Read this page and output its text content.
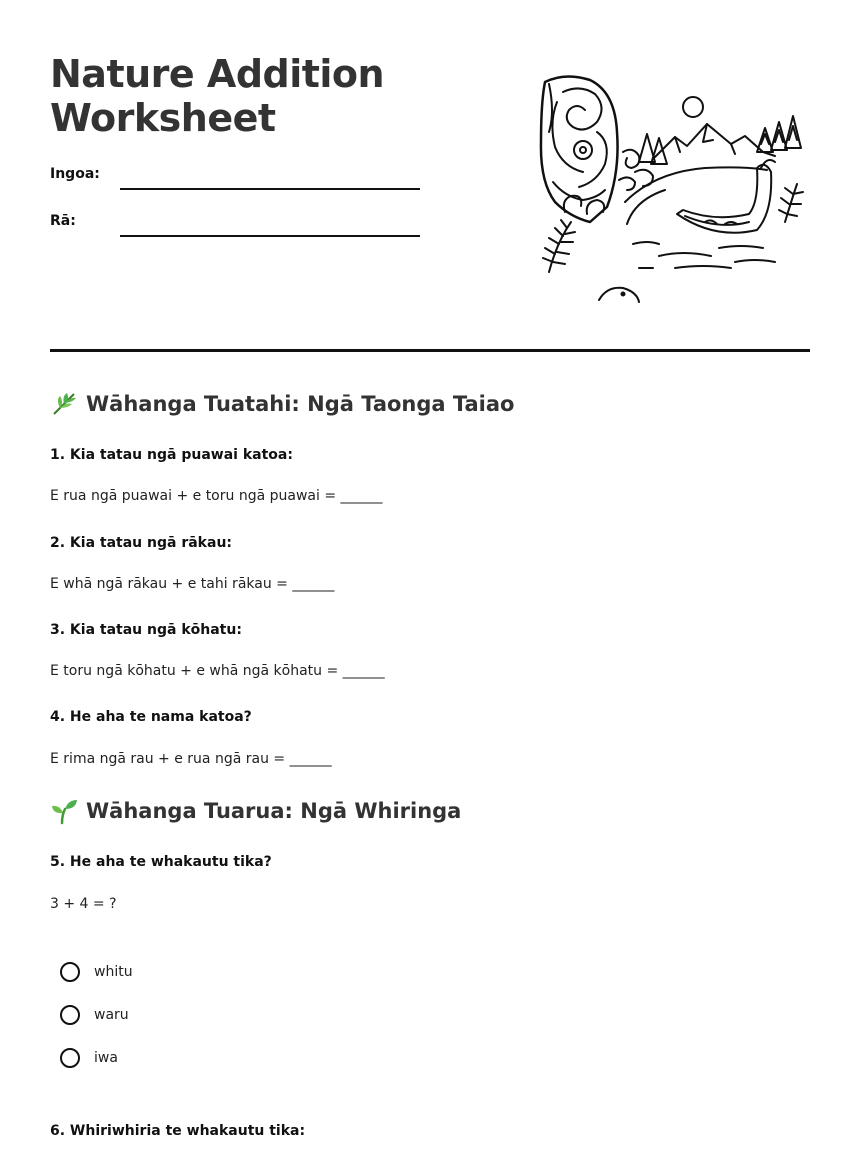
Nature Addition
Worksheet
Ingoa:
Rā:
Wāhanga Tuatahi: Ngā Taonga Taiao

1. Kia tatau ngā puawai katoa:

E rua ngā puawai + e toru ngā puawai = ______

2. Kia tatau ngā rākau:

E whā ngā rākau + e tahi rākau = ______

3. Kia tatau ngā kōhatu:

E toru ngā kōhatu + e whā ngā kōhatu = ______

4. He aha te nama katoa?

E rima ngā rau + e rua ngā rau = ______

Wāhanga Tuarua: Ngā Whiringa

5. He aha te whakautu tika?

3 + 4 = ?

whitu
waru
iwa

6. Whiriwhiria te whakautu tika:
